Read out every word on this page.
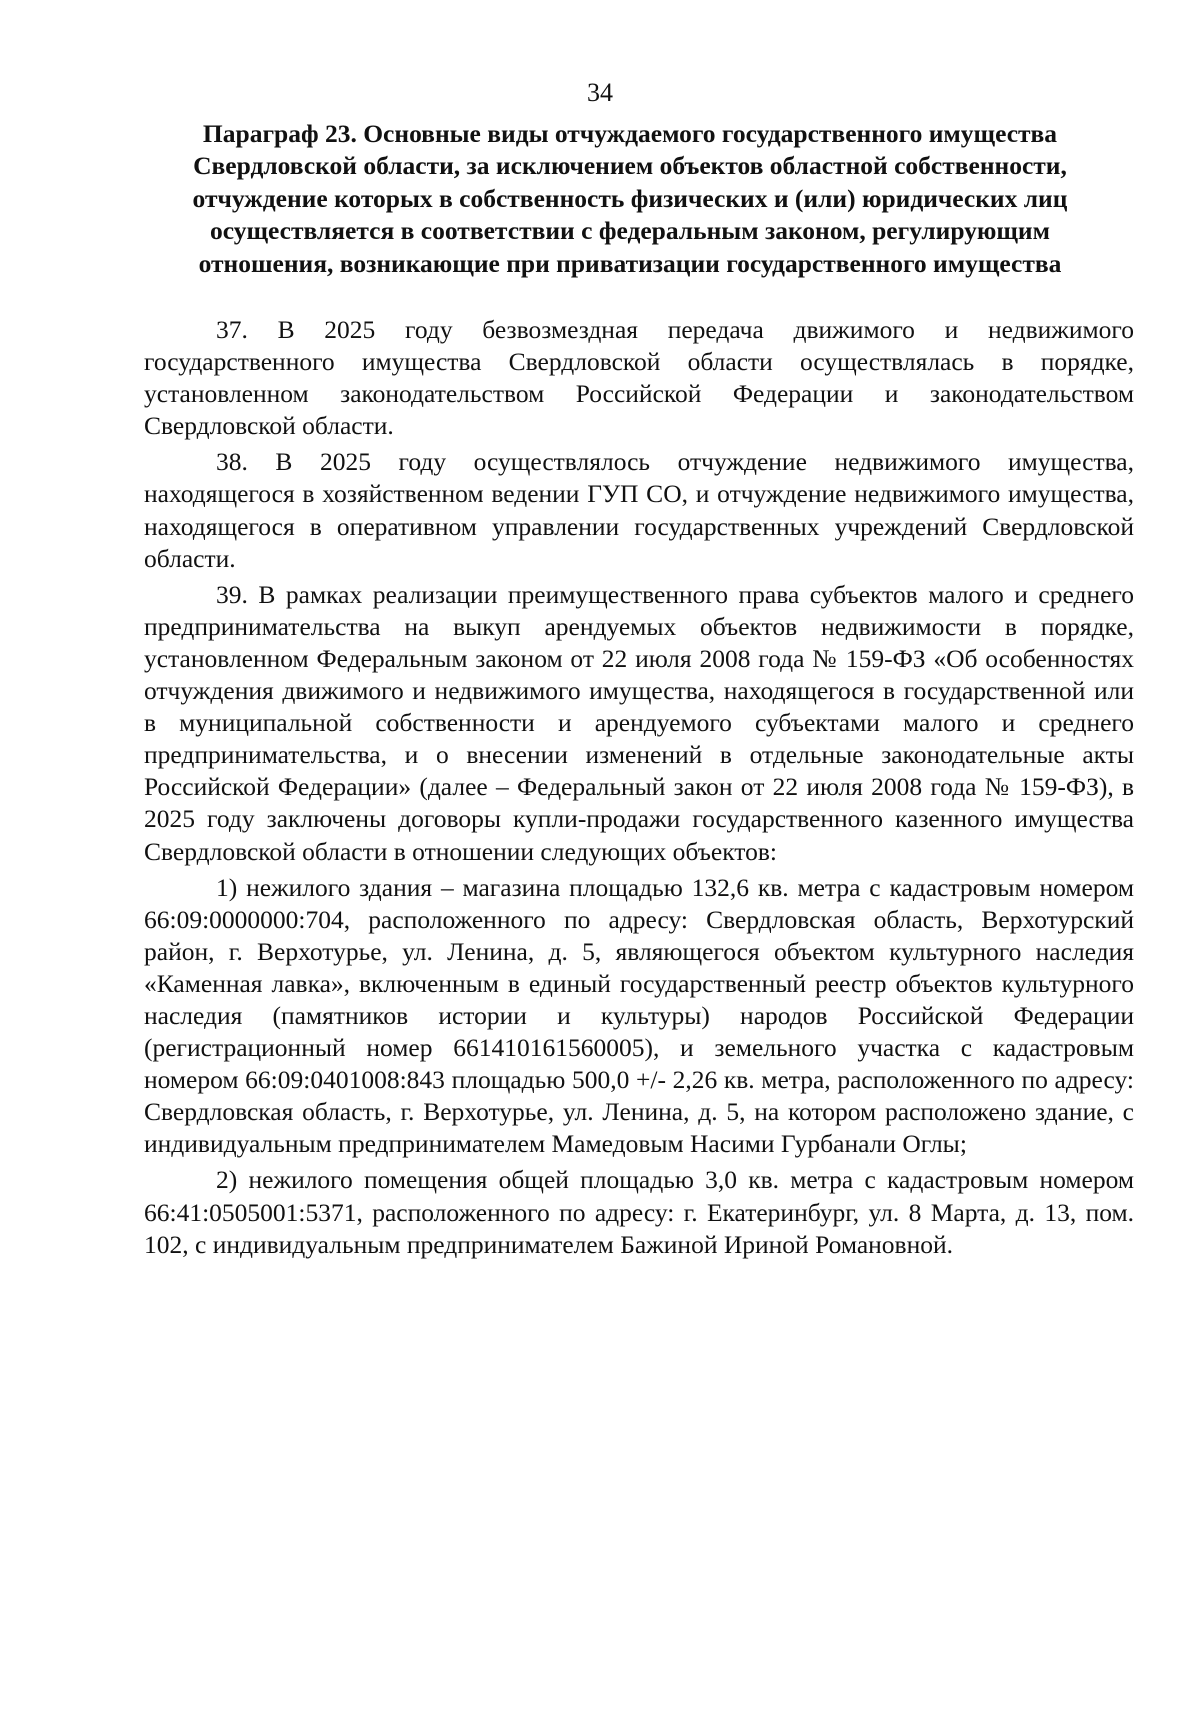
34
Параграф 23. Основные виды отчуждаемого государственного имущества
Свердловской области, за исключением объектов областной собственности,
отчуждение которых в собственность физических и (или) юридических лиц
осуществляется в соответствии с федеральным законом, регулирующим
отношения, возникающие при приватизации государственного имущества

37. В 2025 году безвозмездная передача движимого и недвижимого государственного имущества Свердловской области осуществлялась в порядке, установленном законодательством Российской Федерации и законодательством Свердловской области.

38. В 2025 году осуществлялось отчуждение недвижимого имущества, находящегося в хозяйственном ведении ГУП СО, и отчуждение недвижимого имущества, находящегося в оперативном управлении государственных учреждений Свердловской области.

39. В рамках реализации преимущественного права субъектов малого и среднего предпринимательства на выкуп арендуемых объектов недвижимости в порядке, установленном Федеральным законом от 22 июля 2008 года № 159-ФЗ «Об особенностях отчуждения движимого и недвижимого имущества, находящегося в государственной или в муниципальной собственности и арендуемого субъектами малого и среднего предпринимательства, и о внесении изменений в отдельные законодательные акты Российской Федерации» (далее – Федеральный закон от 22 июля 2008 года № 159-ФЗ), в 2025 году заключены договоры купли-продажи государственного казенного имущества Свердловской области в отношении следующих объектов:

1) нежилого здания – магазина площадью 132,6 кв. метра с кадастровым номером 66:09:0000000:704, расположенного по адресу: Свердловская область, Верхотурский район, г. Верхотурье, ул. Ленина, д. 5, являющегося объектом культурного наследия «Каменная лавка», включенным в единый государственный реестр объектов культурного наследия (памятников истории и культуры) народов Российской Федерации (регистрационный номер 661410161560005), и земельного участка с кадастровым номером 66:09:0401008:843 площадью 500,0 +/- 2,26 кв. метра, расположенного по адресу: Свердловская область, г. Верхотурье, ул. Ленина, д. 5, на котором расположено здание, с индивидуальным предпринимателем Мамедовым Насими Гурбанали Оглы;

2) нежилого помещения общей площадью 3,0 кв. метра с кадастровым номером 66:41:0505001:5371, расположенного по адресу: г. Екатеринбург, ул. 8 Марта, д. 13, пом. 102, с индивидуальным предпринимателем Бажиной Ириной Романовной.
